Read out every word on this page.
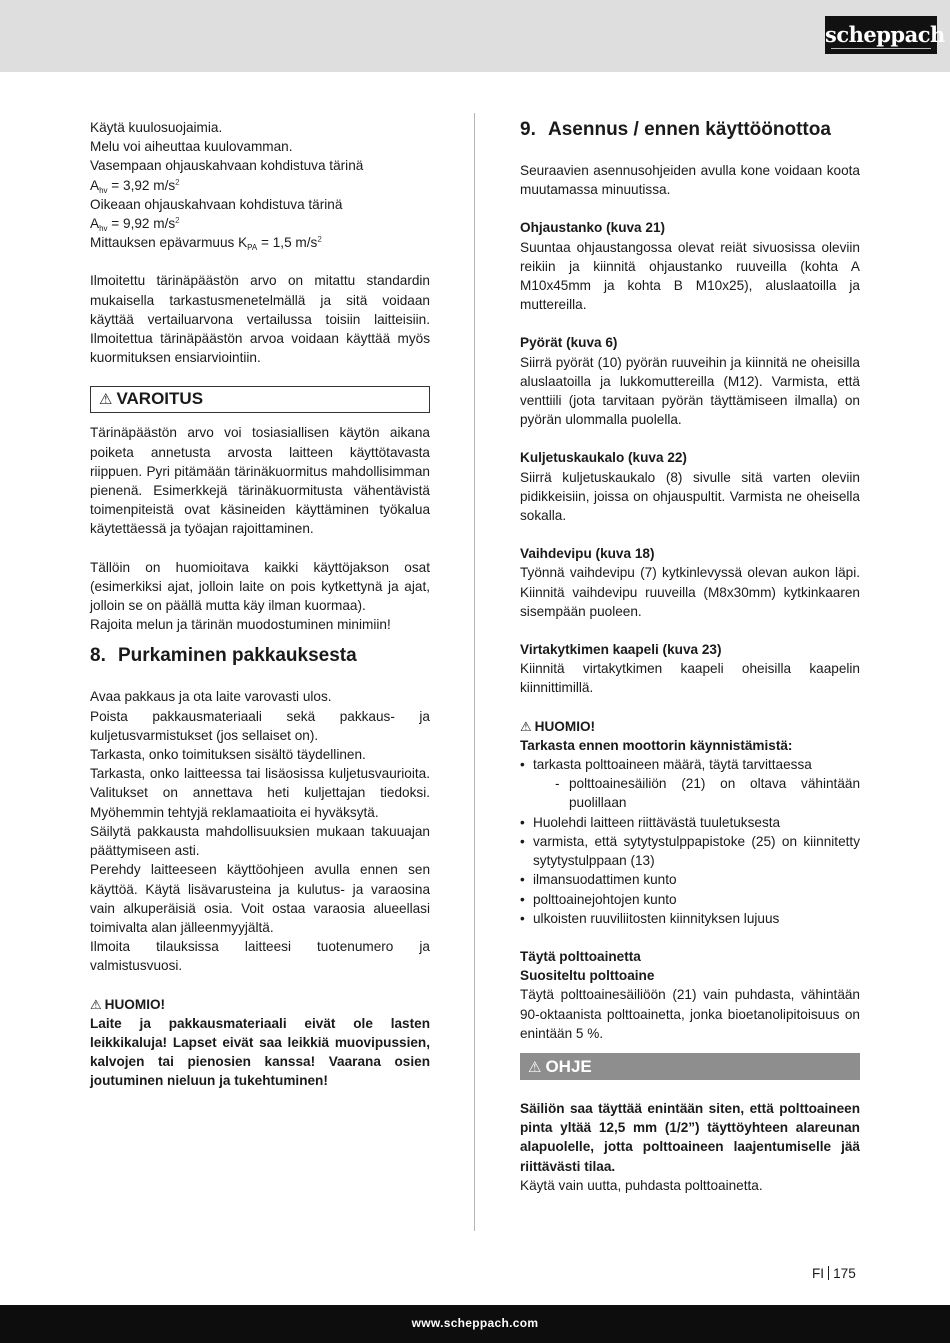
scheppach

Käytä kuulosuojaimia.

Melu voi aiheuttaa kuulovamman.

Vasempaan ohjauskahvaan kohdistuva tärinä

$A_{hv} = 3,92$ $m/s^2$

Oikeaan ohjauskahvaan kohdistuva tärinä

$A_{hv} = 9,92$ $m/s^2$

Mittauksen epävarmuus $K_{PA} = 1,5$ $m/s^2$

Ilmoitettu tärinäpäästön arvo on mitattu standardin mukaisella tarkastusmenetelmällä ja sitä voidaan käyttää vertailuarvona vertailussa toisiin laitteisiin. Ilmoitettua tärinäpäästön arvoa voidaan käyttää myös kuormituksen ensiarviointiin.

⚠ VAROITUS

Tärinäpäästön arvo voi tosiasiallisen käytön aikana poiketa annetusta arvosta laitteen käyttötavasta riippuen. Pyri pitämään tärinäkuormitus mahdollisimman pienenä. Esimerkkejä tärinäkuormitusta vähentävistä toimenpiteistä ovat käsineiden käyttäminen työkalua käytettäessä ja työajan rajoittaminen.

Tällöin on huomioitava kaikki käyttöjakson osat (esimerkiksi ajat, jolloin laite on pois kytkettynä ja ajat, jolloin se on päällä mutta käy ilman kuormaa).

Rajoita melun ja tärinän muodostuminen minimiin!

8. Purkaminen pakkauksesta

Avaa pakkaus ja ota laite varovasti ulos.

Poista pakkausmateriaali sekä pakkaus- ja kuljetusvarmistukset (jos sellaiset on).

Tarkasta, onko toimituksen sisältö täydellinen.

Tarkasta, onko laitteessa tai lisäosissa kuljetusvaurioita. Valitukset on annettava heti kuljettajan tiedoksi. Myöhemmin tehtyjä reklamaatioita ei hyväksytä.

Säilytä pakkausta mahdollisuuksien mukaan takuuajan päättymiseen asti.

Perehdy laitteeseen käyttöohjeen avulla ennen sen käyttöä. Käytä lisävarusteina ja kulutus- ja varaosina vain alkuperäisiä osia. Voit ostaa varaosia alueellasi toimivalta alan jälleenmyyjältä.

Ilmoita tilauksissa laitteesi tuotenumero ja valmistusvuosi.

⚠ HUOMIO!

Laite ja pakkausmateriaali eivät ole lasten leikkikaluja! Lapset eivät saa leikkiä muovipussien, kalvojen tai pienosien kanssa! Vaarana osien joutuminen nieluun ja tukehtuminen!

9. Asennus / ennen käyttöönottoa

Seuraavien asennusohjeiden avulla kone voidaan koota muutamassa minuutissa.

Ohjaustanko (kuva 21)

Suuntaa ohjaustangossa olevat reiät sivuosissa oleviin reikiin ja kiinnitä ohjaustanko ruuveilla (kohta A M10x45mm ja kohta B M10x25), aluslaatoilla ja muttereilla.

Pyörät (kuva 6)

Siirrä pyörät (10) pyörän ruuveihin ja kiinnitä ne oheisilla aluslaatoilla ja lukkomuttereilla (M12). Varmista, että venttiili (jota tarvitaan pyörän täyttämiseen ilmalla) on pyörän ulommalla puolella.

Kuljetuskaukalo (kuva 22)

Siirrä kuljetuskaukalo (8) sivulle sitä varten oleviin pidikkeisiin, joissa on ohjauspultit. Varmista ne oheisella sokalla.

Vaihdevipu (kuva 18)

Työnnä vaihdevipu (7) kytkinlevyssä olevan aukon läpi. Kiinnitä vaihdevipu ruuveilla (M8x30mm) kytkinkaaren sisempään puoleen.

Virtakytkimen kaapeli (kuva 23)

Kiinnitä virtakytkimen kaapeli oheisilla kaapelin kiinnittimillä.

⚠ HUOMIO!

Tarkasta ennen moottorin käynnistämistä:

• tarkasta polttoaineen määrä, täytä tarvittaessa
- polttoainesäiliön (21) on oltava vähintään puolillaan
• Huolehdi laitteen riittävästä tuuletuksesta
• varmista, että sytytystulppapistoke (25) on kiinnitetty sytytystulppaan (13)
• ilmansuodattimen kunto
• polttoainejohtojen kunto
• ulkoisten ruuviliitosten kiinnityksen lujuus

Täytä polttoainetta

Suositeltu polttoaine

Täytä polttoainesäiliöön (21) vain puhdasta, vähintään 90-oktaanista polttoainetta, jonka bioetanolipitoisuus on enintään 5 %.

⚠ OHJE

Säiliön saa täyttää enintään siten, että polttoaineen pinta yltää 12,5 mm (1/2”) täyttöyhteen alareunan alapuolelle, jotta polttoaineen laajentumiselle jää riittävästi tilaa.

Käytä vain uutta, puhdasta polttoainetta.

FI 175
www.scheppach.com
